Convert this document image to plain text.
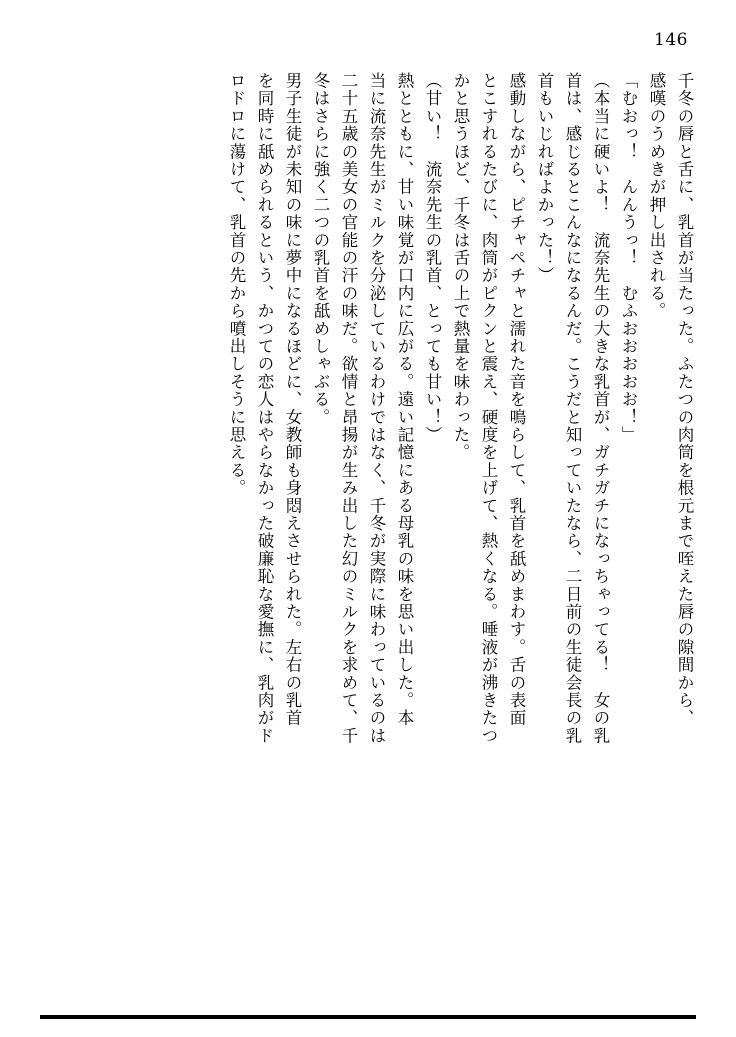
146
千冬の唇と舌に、乳首が当たった。ふたつの肉筒を根元まで咥えた唇の隙間から、
感嘆のうめきが押し出される。
「むおっ！　んんうっ！　むふおおおおお！」
（本当に硬いよ！　流奈先生の大きな乳首が、ガチガチになっちゃってる！　女の乳
首は、感じるとこんなになるんだ。こうだと知っていたなら、二日前の生徒会長の乳
首もいじればよかった！）
感動しながら、ピチャペチャと濡れた音を鳴らして、乳首を舐めまわす。舌の表面
とこすれるたびに、肉筒がピクンと震え、硬度を上げて、熱くなる。唾液が沸きたつ
かと思うほど、千冬は舌の上で熱量を味わった。
（甘い！　流奈先生の乳首、とっても甘い！）
熱とともに、甘い味覚が口内に広がる。遠い記憶にある母乳の味を思い出した。本
当に流奈先生がミルクを分泌しているわけではなく、千冬が実際に味わっているのは
二十五歳の美女の官能の汗の味だ。欲情と昂揚が生み出した幻のミルクを求めて、千
冬はさらに強く二つの乳首を舐めしゃぶる。
男子生徒が未知の味に夢中になるほどに、女教師も身悶えさせられた。左右の乳首
を同時に舐められるという、かつての恋人はやらなかった破廉恥な愛撫に、乳肉がド
ロドロに蕩けて、乳首の先から噴出しそうに思える。
